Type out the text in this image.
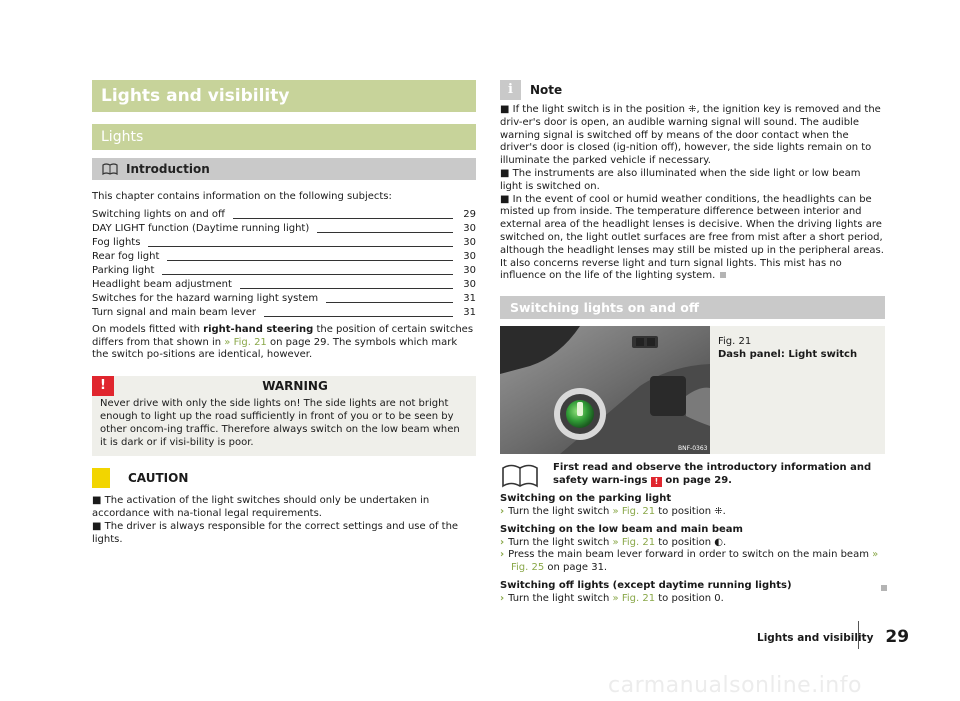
Lights and visibility
Lights
Introduction

This chapter contains information on the following subjects:

Switching lights on and off	29
DAY LIGHT function (Daytime running light)	30
Fog lights	30
Rear fog light	30
Parking light	30
Headlight beam adjustment	30
Switches for the hazard warning light system	31
Turn signal and main beam lever	31

On models fitted with right-hand steering the position of certain switches differs from that shown in » Fig. 21 on page 29. The symbols which mark the switch po-sitions are identical, however.

!	WARNING

Never drive with only the side lights on! The side lights are not bright enough to light up the road sufficiently in front of you or to be seen by other oncom-ing traffic. Therefore always switch on the low beam when it is dark or if visi-bility is poor.

CAUTION

■ The activation of the light switches should only be undertaken in accordance with na-tional legal requirements.

■ The driver is always responsible for the correct settings and use of the lights.

i	Note

■ If the light switch is in the position ⁜, the ignition key is removed and the driv-er's door is open, an audible warning signal will sound. The audible warning signal is switched off by means of the door contact when the driver's door is closed (ig-nition off), however, the side lights remain on to illuminate the parked vehicle if necessary.

■ The instruments are also illuminated when the side light or low beam light is switched on.

■ In the event of cool or humid weather conditions, the headlights can be misted up from inside. The temperature difference between interior and external area of the headlight lenses is decisive. When the driving lights are switched on, the light outlet surfaces are free from mist after a short period, although the headlight lenses may still be misted up in the peripheral areas. It also concerns reverse light and turn signal lights. This mist has no influence on the life of the lighting system.

Switching lights on and off
BNF-0363
Fig. 21
Dash panel: Light switch
First read and observe the introductory information and safety warn-ings ! on page 29.
Switching on the parking light

› Turn the light switch » Fig. 21 to position ⁜.

Switching on the low beam and main beam

› Turn the light switch » Fig. 21 to position ◐.

› Press the main beam lever forward in order to switch on the main beam » Fig. 25 on page 31.

Switching off lights (except daytime running lights)

› Turn the light switch » Fig. 21 to position 0.

Lights and visibility 29
carmanualsonline.info
